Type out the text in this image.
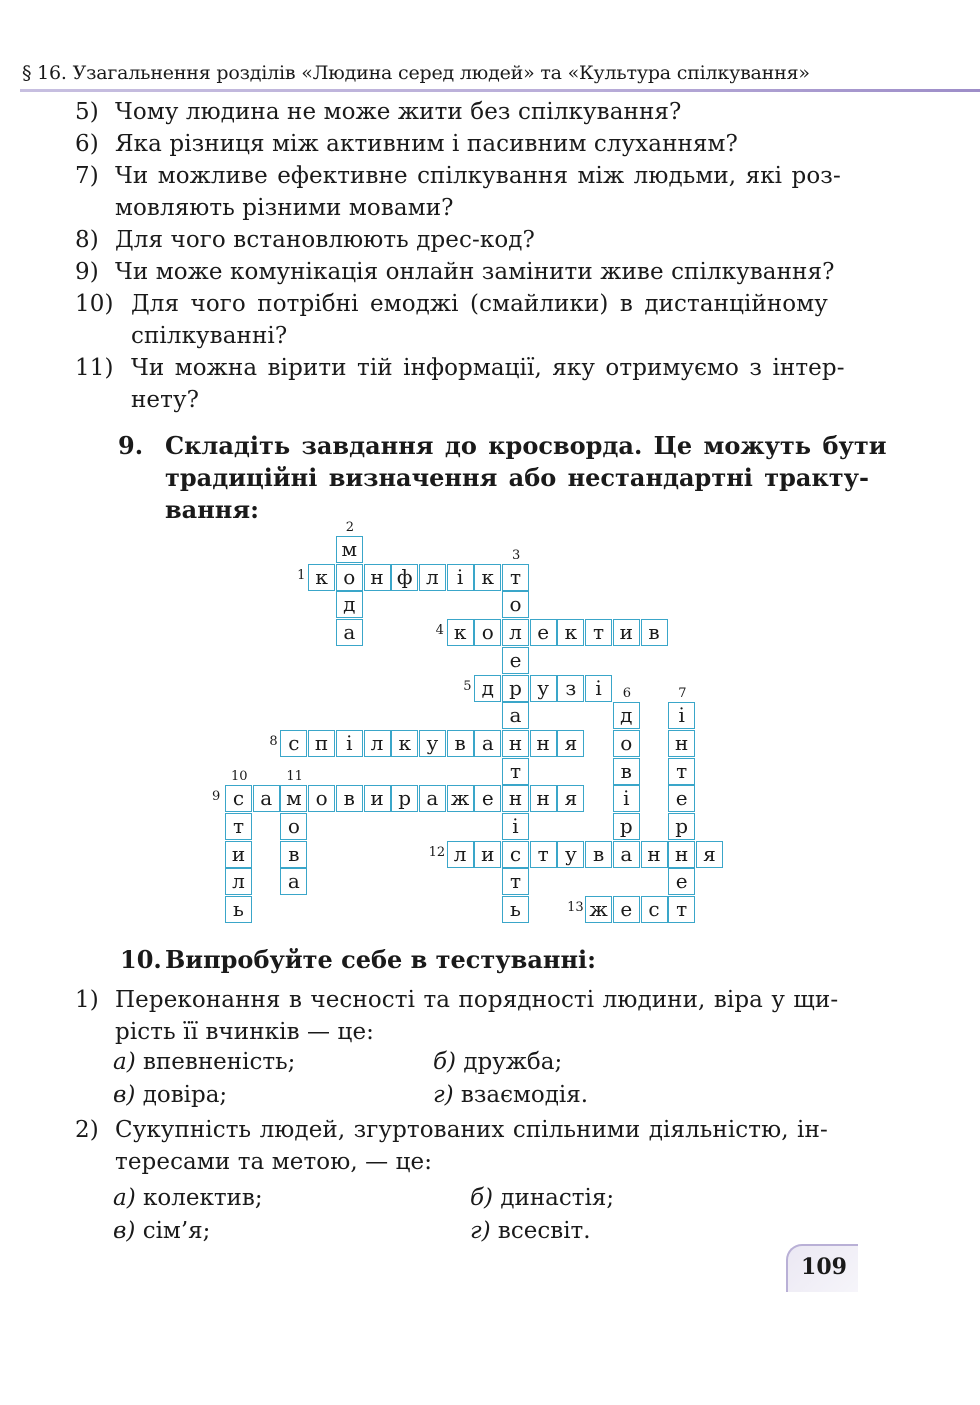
§ 16. Узагальнення розділів «Людина серед людей» та «Культура спілкування»
5) Чому людина не може жити без спілкування?
6) Яка різниця між активним і пасивним слуханням?
7) Чи можливе ефективне спілкування між людьми, які роз-
мовляють різними мовами?
8) Для чого встановлюють дрес-код?
9) Чи може комунікація онлайн замінити живе спілкування?
10) Для чого потрібні емоджі (смайлики) в дистанційному
спілкуванні?
11) Чи можна вірити тій інформації, яку отримуємо з інтер-
нету?
9. Складіть завдання до кросворда. Це можуть бути
традиційні визначення або нестандартні тракту-
вання:
к о н ф л і к т
1
м
д
а
2
о
л
е
р
а
н
т
н
і
с
т
ь
3
к о	е к т и в
4
д	у з і
5
д
о
в
і
р
а
6
і
н
т
е
р
н
е
т
7
с п і л к у в а	н я
8
с а м о в и р а ж е	н я
9
т
и
л
ь
10
о
в
а
11
л и	т у в	н	я
12
ж е с
13
10. Випробуйте себе в тестуванні:
1) Переконання в чесності та порядності людини, віра у щи-
рість її вчинків — це:
а) впевненість;	б) дружба;
в) довіра;	г) взаємодія.
2) Сукупність людей, згуртованих спільними діяльністю, ін-
тересами та метою, — це:
а) колектив;	б) династія;
в) сім’я;	г) всесвіт.
109
